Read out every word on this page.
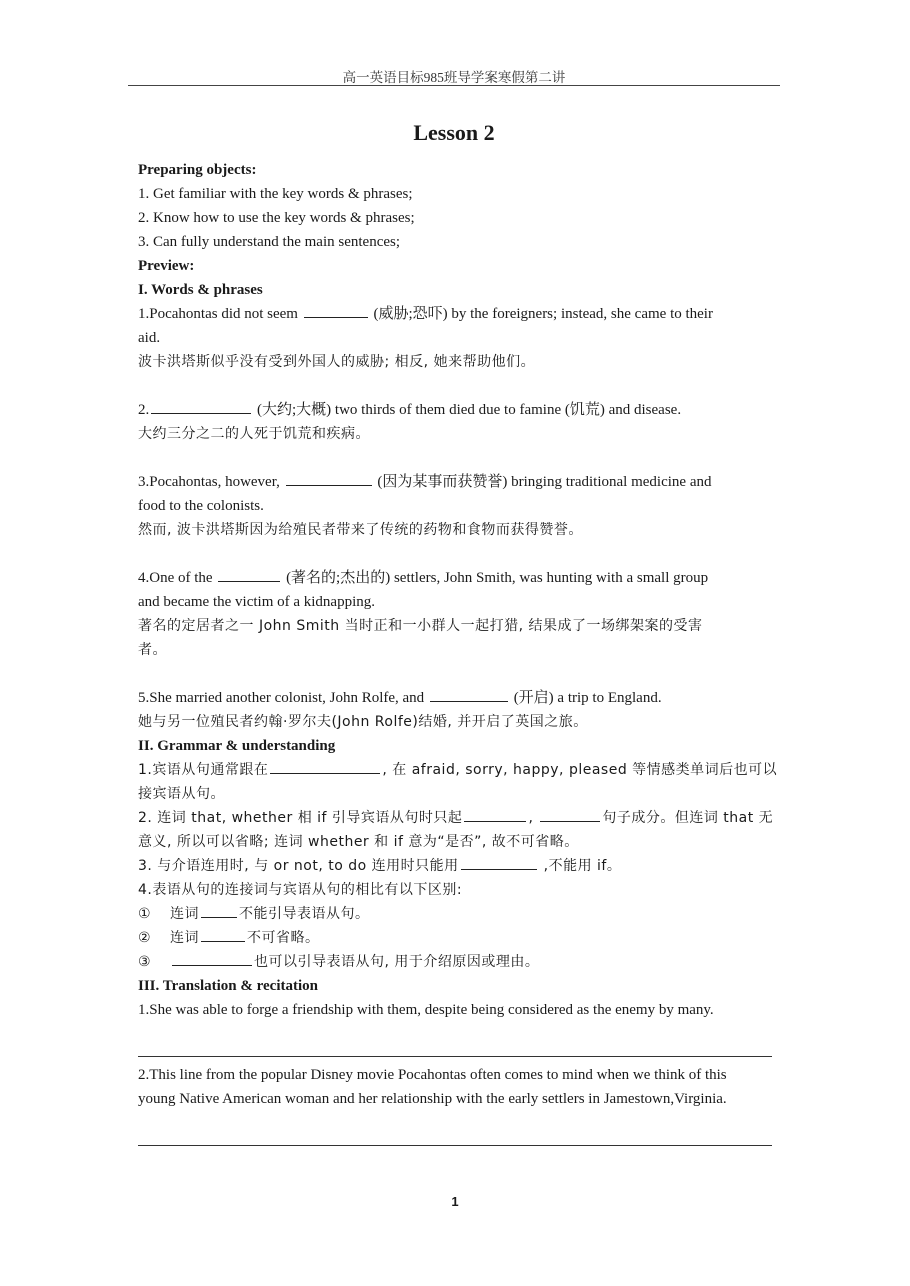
高一英语目标985班导学案寒假第二讲
Lesson 2
Preparing objects:
1. Get familiar with the key words & phrases;
2. Know how to use the key words & phrases;
3. Can fully understand the main sentences;
Preview:
I. Words & phrases
1.Pocahontas did not seem	(威胁;恐吓) by the foreigners; instead, she came to their
aid.
波卡洪塔斯似乎没有受到外国人的威胁; 相反, 她来帮助他们。
2.	(大约;大概) two thirds of them died due to famine (饥荒) and disease.
大约三分之二的人死于饥荒和疾病。
3.Pocahontas, however,	(因为某事而获赞誉) bringing traditional medicine and
food to the colonists.
然而, 波卡洪塔斯因为给殖民者带来了传统的药物和食物而获得赞誉。
4.One of the	(著名的;杰出的) settlers, John Smith, was hunting with a small group
and became the victim of a kidnapping.
著名的定居者之一 John Smith 当时正和一小群人一起打猎, 结果成了一场绑架案的受害
者。
5.She married another colonist, John Rolfe, and	(开启) a trip to England.
她与另一位殖民者约翰·罗尔夫(John Rolfe)结婚, 并开启了英国之旅。
II. Grammar & understanding
1.宾语从句通常跟在	, 在 afraid, sorry, happy, pleased 等情感类单词后也可以
接宾语从句。
2. 连词 that, whether 相 if 引导宾语从句时只起	,	句子成分。但连词 that 无
意义, 所以可以省略; 连词 whether 和 if 意为“是否”, 故不可省略。
3. 与介语连用时, 与 or not, to do 连用时只能用	,不能用 if。
4.表语从句的连接词与宾语从句的相比有以下区别:
① 连词	不能引导表语从句。
② 连词	不可省略。
③	也可以引导表语从句, 用于介绍原因或理由。
III. Translation & recitation
1.She was able to forge a friendship with them, despite being considered as the enemy by many.
2.This line from the popular Disney movie Pocahontas often comes to mind when we think of this
young Native American woman and her relationship with the early settlers in Jamestown,Virginia.
1
